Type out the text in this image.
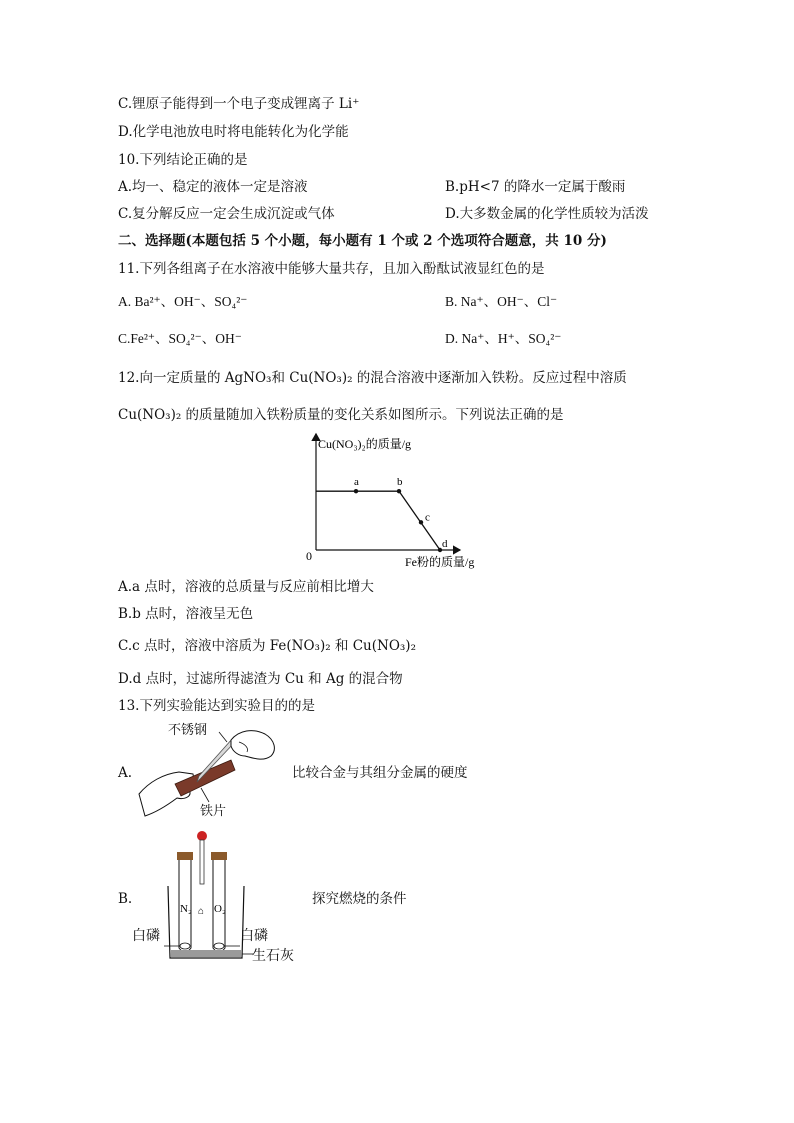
C.锂原子能得到一个电子变成锂离子 Li⁺
D.化学电池放电时将电能转化为化学能
10.下列结论正确的是
A.均一、稳定的液体一定是溶液	B.pH<7 的降水一定属于酸雨
C.复分解反应一定会生成沉淀或气体	D.大多数金属的化学性质较为活泼
二、选择题(本题包括 5 个小题，每小题有 1 个或 2 个选项符合题意，共 10 分)
11.下列各组离子在水溶液中能够大量共存，且加入酚酞试液显红色的是
A. Ba²⁺、OH⁻、SO₄²⁻	B. Na⁺、OH⁻、Cl⁻
C.Fe²⁺、SO₄²⁻、OH⁻	D. Na⁺、H⁺、SO₄²⁻
12.向一定质量的 AgNO₃和 Cu(NO₃)₂ 的混合溶液中逐渐加入铁粉。反应过程中溶质
Cu(NO₃)₂ 的质量随加入铁粉质量的变化关系如图所示。下列说法正确的是
Cu(NO₃)₂的质量/g
Fe粉的质量/g
0
a	b
c
d
A.a 点时，溶液的总质量与反应前相比增大
B.b 点时，溶液呈无色
C.c 点时，溶液中溶质为 Fe(NO₃)₂ 和 Cu(NO₃)₂
D.d 点时，过滤所得滤渣为 Cu 和 Ag 的混合物
13.下列实验能达到实验目的的是
A.
不锈钢
铁片
比较合金与其组分金属的硬度
B.
N₂ O₂
⌂
白磷	白磷
生石灰
探究燃烧的条件
